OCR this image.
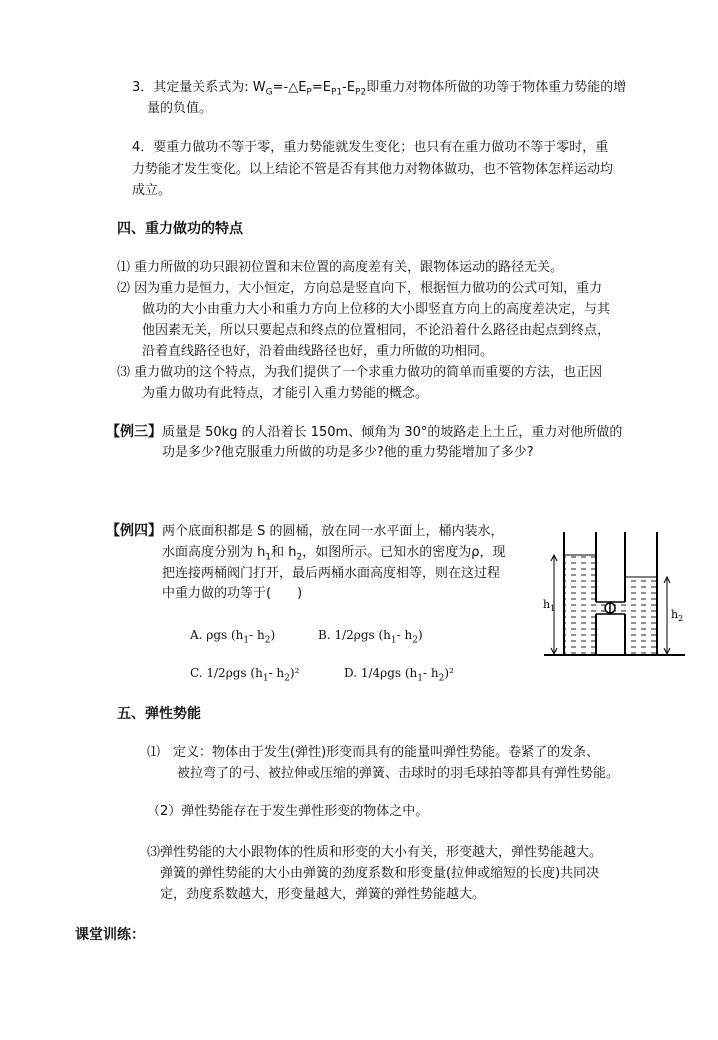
3．其定量关系式为: $W_G=-\triangle E_P=E_{P1}-E_{P2}$即重力对物体所做的功等于物体重力势能的增
量的负值。
4．要重力做功不等于零，重力势能就发生变化；也只有在重力做功不等于零时，重
力势能才发生变化。以上结论不管是否有其他力对物体做功，也不管物体怎样运动均
成立。
四、重力做功的特点
⑴ 重力所做的功只跟初位置和末位置的高度差有关，跟物体运动的路径无关。
⑵ 因为重力是恒力，大小恒定，方向总是竖直向下，根据恒力做功的公式可知，重力
做功的大小由重力大小和重力方向上位移的大小即竖直方向上的高度差决定，与其
他因素无关，所以只要起点和终点的位置相同，不论沿着什么路径由起点到终点，
沿着直线路径也好，沿着曲线路径也好，重力所做的功相同。
⑶ 重力做功的这个特点，为我们提供了一个求重力做功的简单而重要的方法，也正因
为重力做功有此特点，才能引入重力势能的概念。
【例三】质量是 50kg 的人沿着长 150m、倾角为 30°的坡路走上土丘，重力对他所做的
功是多少?他克服重力所做的功是多少?他的重力势能增加了多少?
【例四】两个底面积都是 S 的圆桶，放在同一水平面上，桶内装水，
水面高度分别为 $h_1$和 $h_2$，如图所示。已知水的密度为ρ，现
把连接两桶阀门打开，最后两桶水面高度相等，则在这过程
中重力做的功等于(　　)
A. ρgs ($h_1-$ $h_2$)	B. 1/2ρgs ($h_1-$ $h_2$)
C. 1/2ρgs ($h_1-$ $h_2)^2$	D. 1/4ρgs ($h_1-$ $h_2)^2$
$h_1$	$h_2$
五、弹性势能
⑴　定义：物体由于发生(弹性)形变而具有的能量叫弹性势能。卷紧了的发条、
被拉弯了的弓、被拉伸或压缩的弹簧、击球时的羽毛球拍等都具有弹性势能。
（2）弹性势能存在于发生弹性形变的物体之中。
⑶弹性势能的大小跟物体的性质和形变的大小有关，形变越大，弹性势能越大。
弹簧的弹性势能的大小由弹簧的劲度系数和形变量(拉伸或缩短的长度)共同决
定，劲度系数越大，形变量越大，弹簧的弹性势能越大。
课堂训练：
